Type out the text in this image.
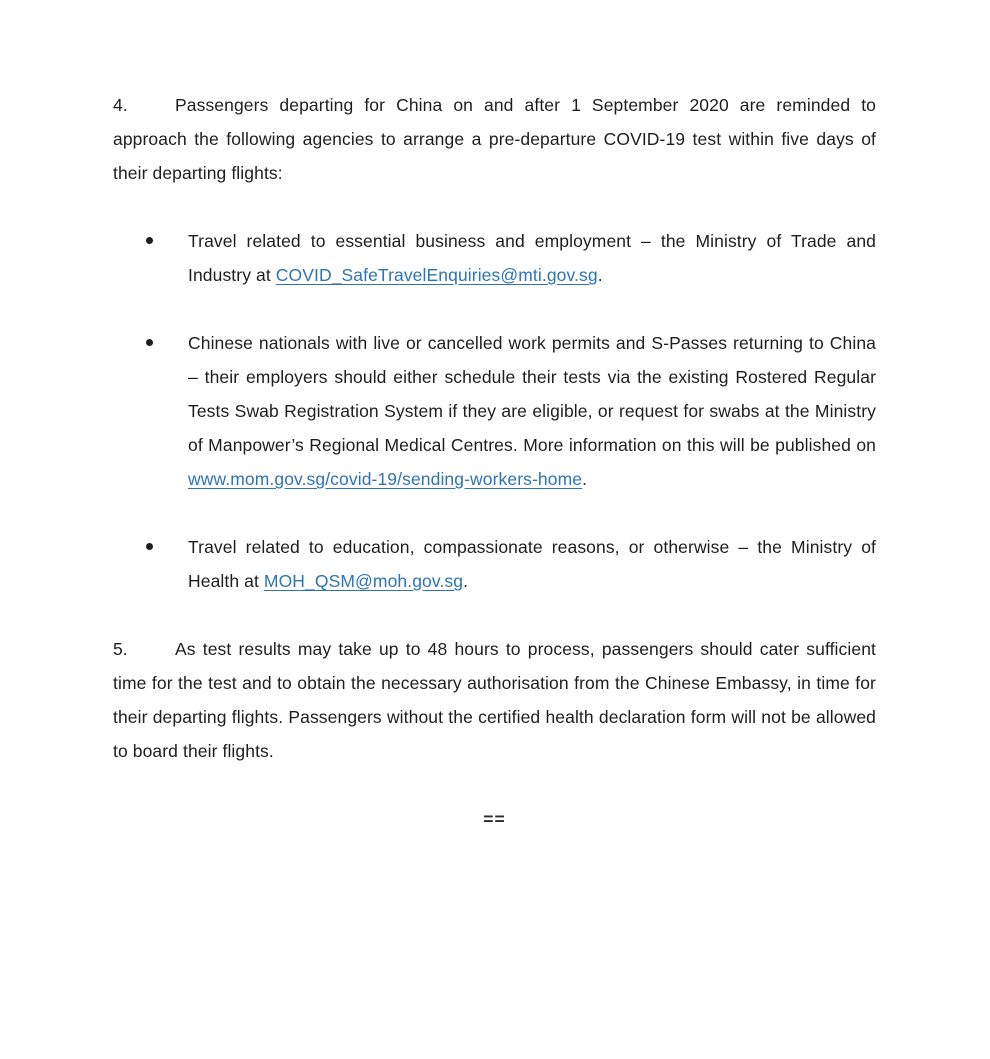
4.	Passengers departing for China on and after 1 September 2020 are reminded to approach the following agencies to arrange a pre-departure COVID-19 test within five days of their departing flights:

Travel related to essential business and employment – the Ministry of Trade and Industry at COVID_SafeTravelEnquiries@mti.gov.sg.
Chinese nationals with live or cancelled work permits and S-Passes returning to China – their employers should either schedule their tests via the existing Rostered Regular Tests Swab Registration System if they are eligible, or request for swabs at the Ministry of Manpower’s Regional Medical Centres. More information on this will be published on www.mom.gov.sg/covid-19/sending-workers-home.
Travel related to education, compassionate reasons, or otherwise – the Ministry of Health at MOH_QSM@moh.gov.sg.

5.	As test results may take up to 48 hours to process, passengers should cater sufficient time for the test and to obtain the necessary authorisation from the Chinese Embassy, in time for their departing flights. Passengers without the certified health declaration form will not be allowed to board their flights.

==
